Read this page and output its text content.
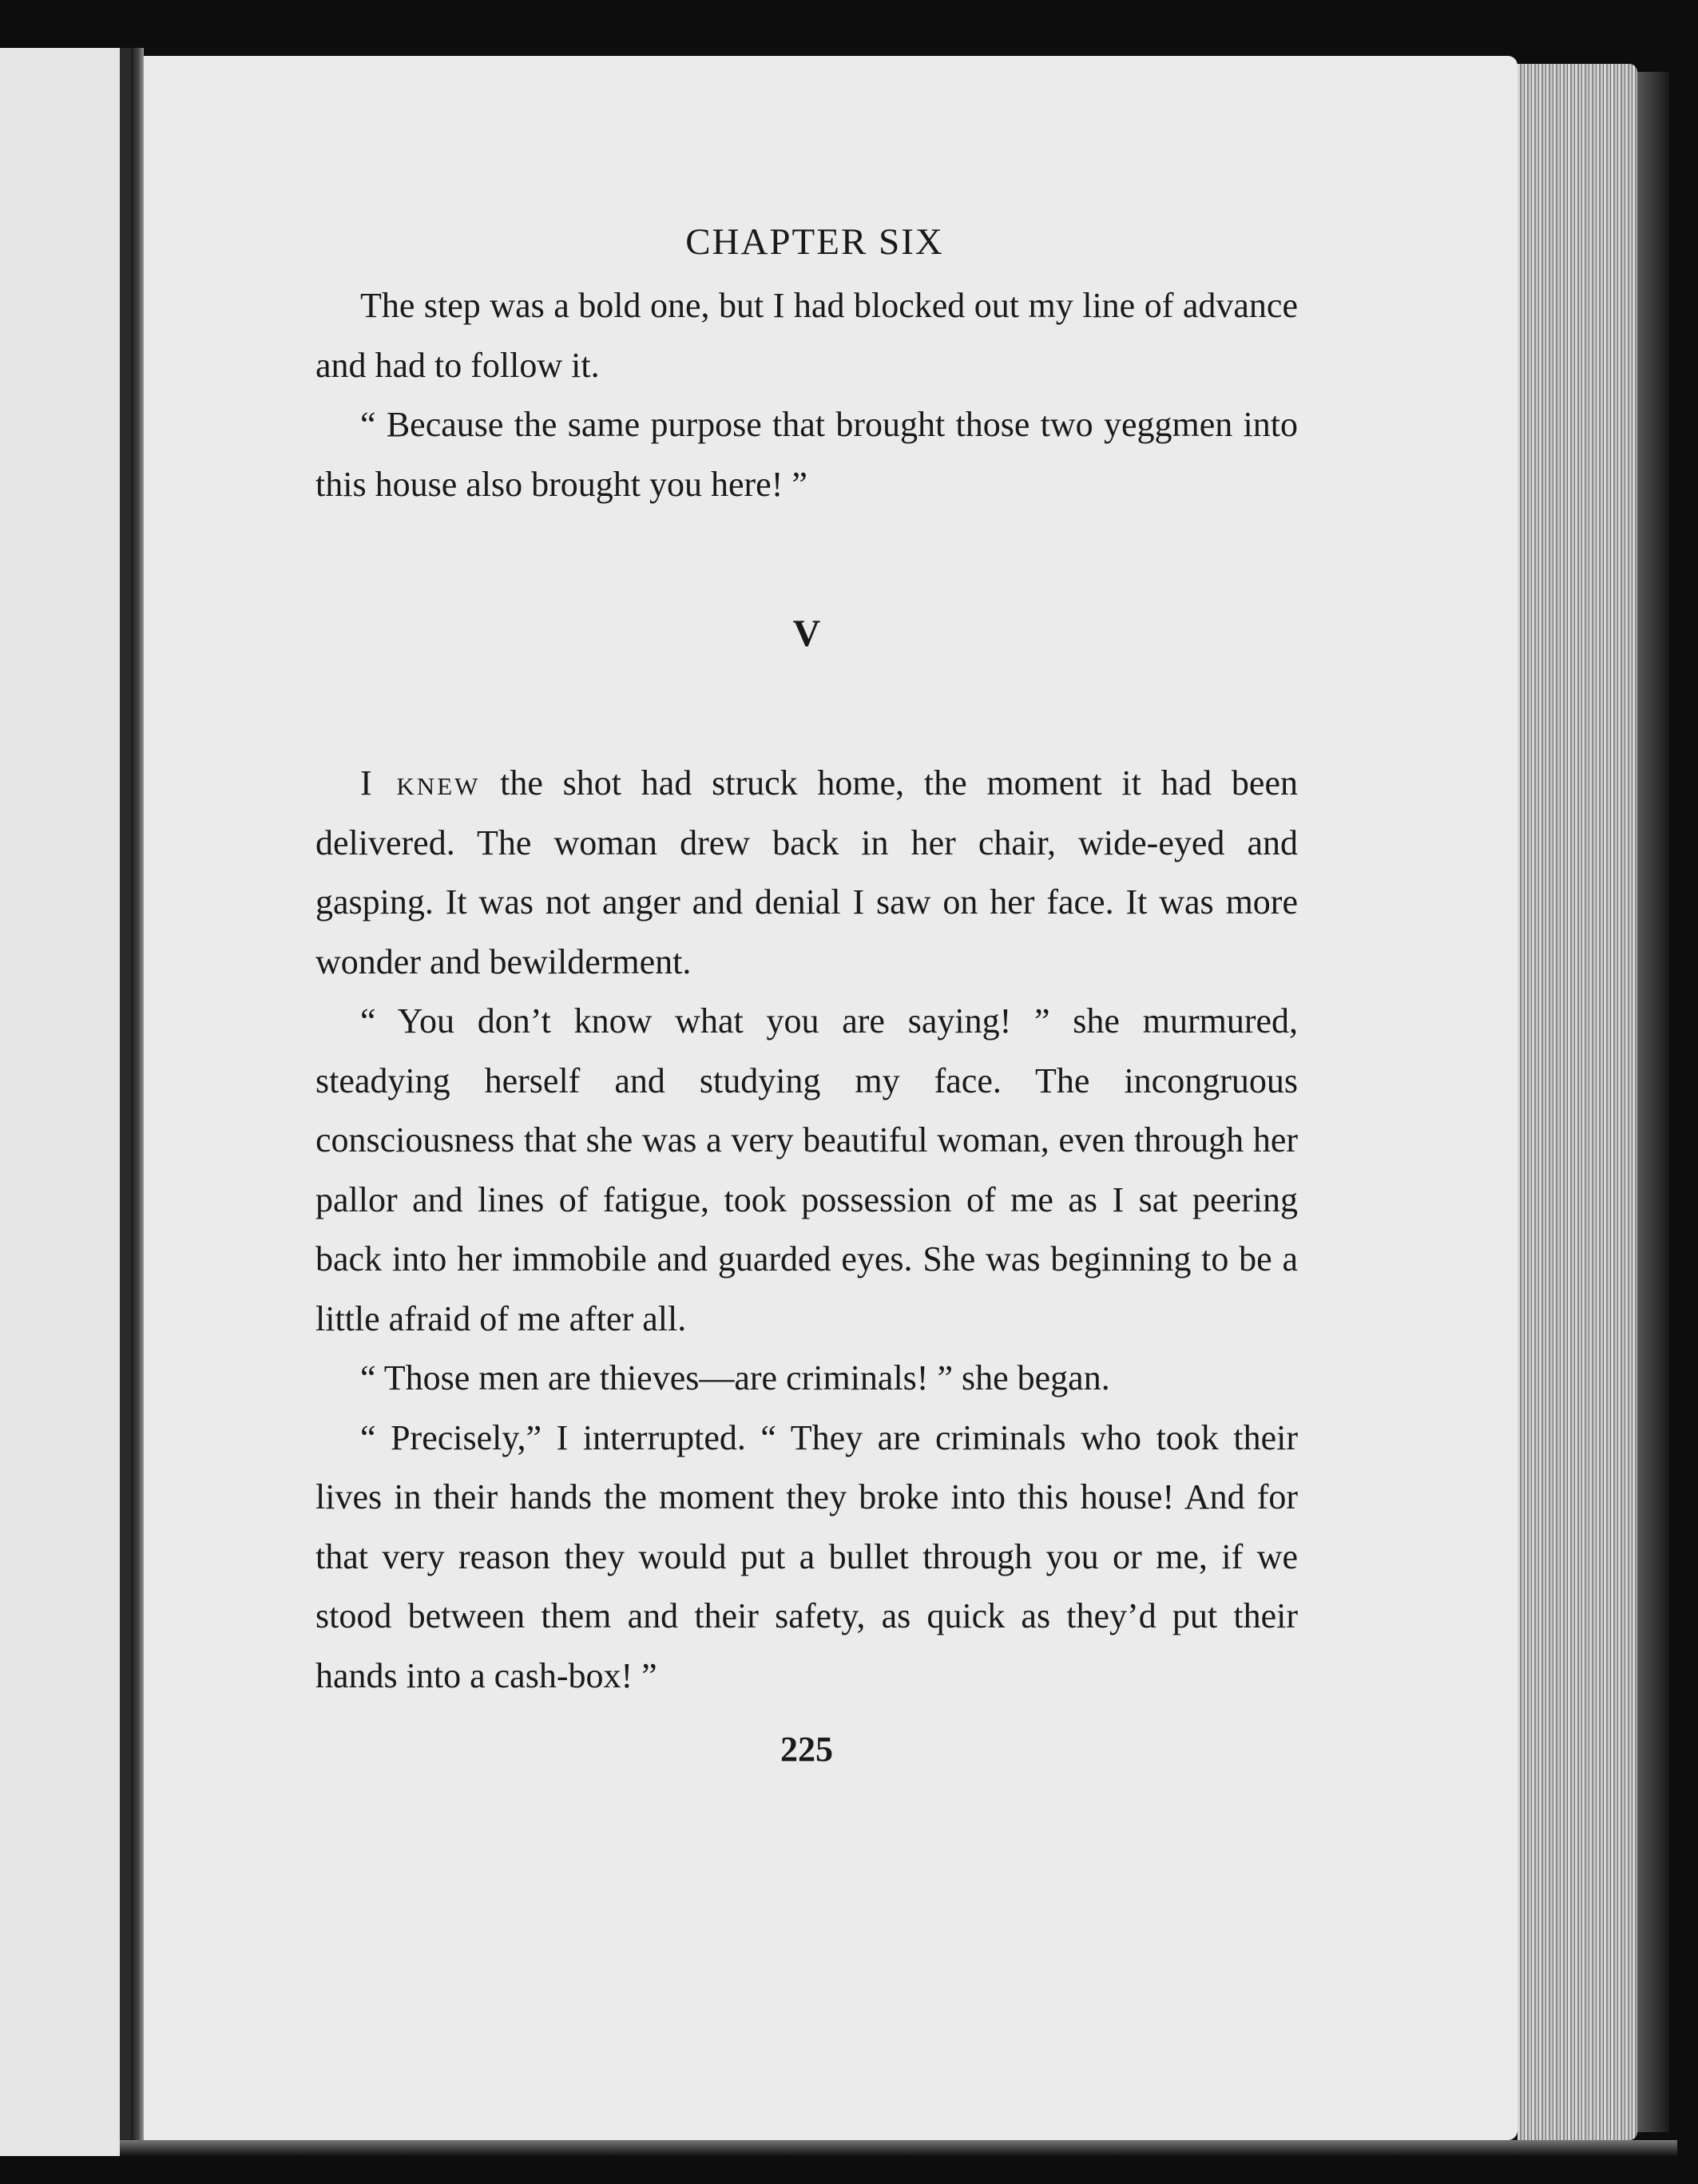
CHAPTER SIX

The step was a bold one, but I had blocked out my line of advance and had to follow it.

“ Because the same purpose that brought those two yeggmen into this house also brought you here! ”

V

I knew the shot had struck home, the moment it had been delivered. The woman drew back in her chair, wide-eyed and gasping. It was not anger and denial I saw on her face. It was more wonder and bewilderment.

“ You don’t know what you are saying! ” she murmured, steadying herself and studying my face. The incongruous consciousness that she was a very beautiful woman, even through her pallor and lines of fatigue, took possession of me as I sat peering back into her immobile and guarded eyes. She was beginning to be a little afraid of me after all.

“ Those men are thieves—are criminals! ” she began.

“ Precisely,” I interrupted. “ They are criminals who took their lives in their hands the moment they broke into this house! And for that very reason they would put a bullet through you or me, if we stood between them and their safety, as quick as they’d put their hands into a cash-box! ”

225
